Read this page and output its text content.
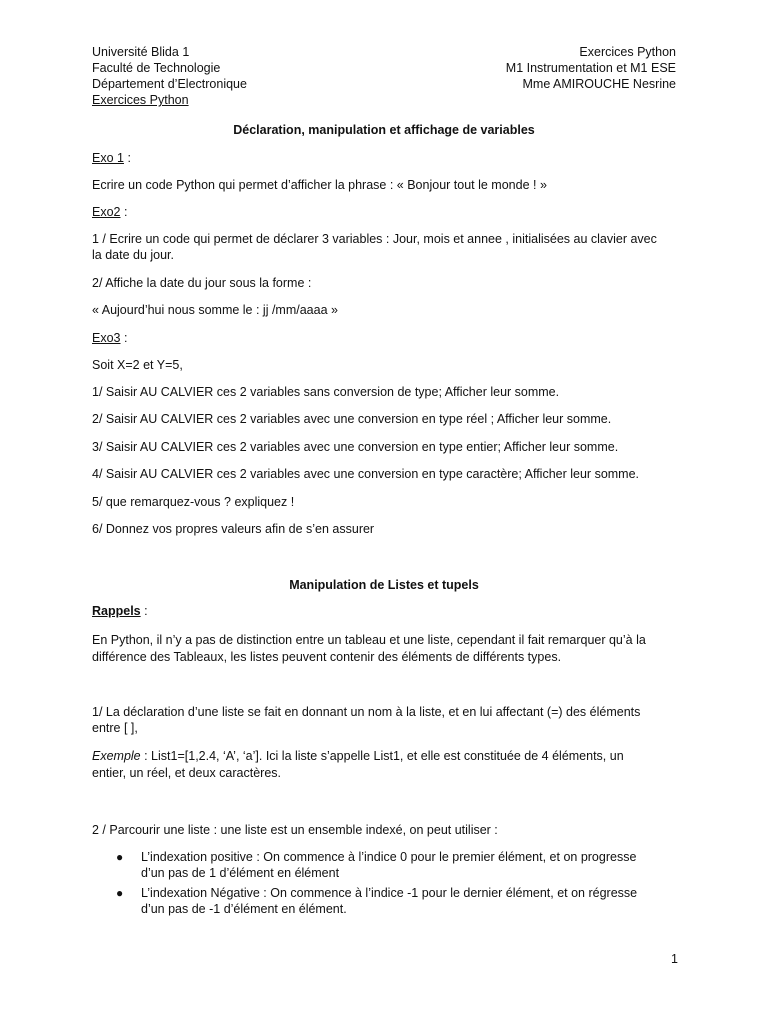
Université Blida 1
Faculté de Technologie
Département d’Electronique
Exercices Python
Exercices Python
M1 Instrumentation et M1 ESE
Mme AMIROUCHE Nesrine
Déclaration, manipulation et affichage de variables
Exo 1 :
Ecrire un code Python qui permet d’afficher la phrase : « Bonjour tout le monde ! »
Exo2 :
1 / Ecrire un code qui permet de déclarer 3 variables : Jour, mois et annee , initialisées au clavier avec
la date du jour.
2/ Affiche la date du jour sous la forme :
« Aujourd’hui nous somme le : jj /mm/aaaa »
Exo3 :
Soit X=2 et Y=5,
1/ Saisir AU CALVIER ces 2 variables sans conversion de type; Afficher leur somme.
2/ Saisir AU CALVIER ces 2 variables avec une conversion en type réel ; Afficher leur somme.
3/ Saisir AU CALVIER ces 2 variables avec une conversion en type entier; Afficher leur somme.
4/ Saisir AU CALVIER ces 2 variables avec une conversion en type caractère; Afficher leur somme.
5/ que remarquez-vous ? expliquez !
6/ Donnez vos propres valeurs afin de s’en assurer
Manipulation de Listes et tupels
Rappels :
En Python, il n’y a pas de distinction entre un tableau et une liste, cependant il fait remarquer qu’à la
différence des Tableaux, les listes peuvent contenir des éléments de différents types.
1/ La déclaration d’une liste se fait en donnant un nom à la liste, et en lui affectant (=) des éléments
entre [ ],
Exemple : List1=[1,2.4, ‘A’, ‘a’]. Ici la liste s’appelle List1, et elle est constituée de 4 éléments, un
entier, un réel, et deux caractères.
2 / Parcourir une liste : une liste est un ensemble indexé, on peut utiliser :
● L’indexation positive : On commence à l’indice 0 pour le premier élément, et on progresse
d’un pas de 1 d’élément en élément
● L’indexation Négative : On commence à l’indice -1 pour le dernier élément, et on régresse
d’un pas de -1 d’élément en élément.
1
